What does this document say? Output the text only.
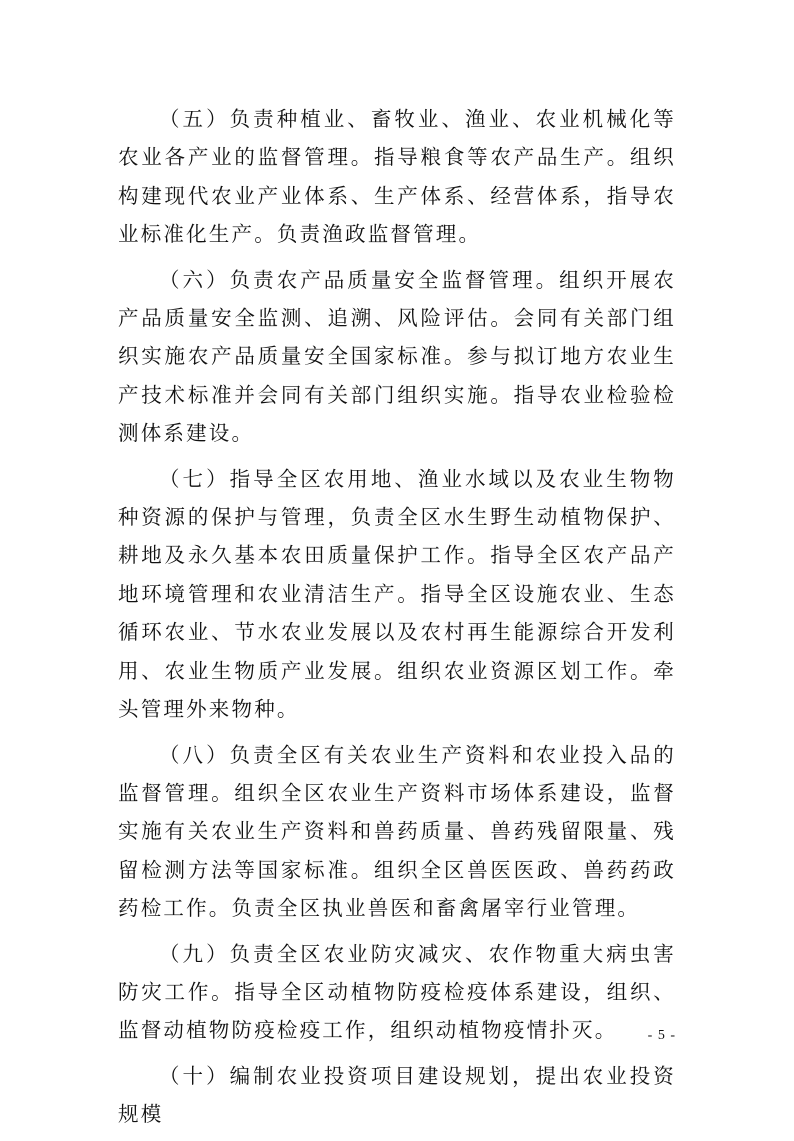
（五）负责种植业、畜牧业、渔业、农业机械化等农业各产业的监督管理。指导粮食等农产品生产。组织构建现代农业产业体系、生产体系、经营体系，指导农业标准化生产。负责渔政监督管理。

（六）负责农产品质量安全监督管理。组织开展农产品质量安全监测、追溯、风险评估。会同有关部门组织实施农产品质量安全国家标准。参与拟订地方农业生产技术标准并会同有关部门组织实施。指导农业检验检测体系建设。

（七）指导全区农用地、渔业水域以及农业生物物种资源的保护与管理，负责全区水生野生动植物保护、耕地及永久基本农田质量保护工作。指导全区农产品产地环境管理和农业清洁生产。指导全区设施农业、生态循环农业、节水农业发展以及农村再生能源综合开发利用、农业生物质产业发展。组织农业资源区划工作。牵头管理外来物种。

（八）负责全区有关农业生产资料和农业投入品的监督管理。组织全区农业生产资料市场体系建设，监督实施有关农业生产资料和兽药质量、兽药残留限量、残留检测方法等国家标准。组织全区兽医医政、兽药药政药检工作。负责全区执业兽医和畜禽屠宰行业管理。

（九）负责全区农业防灾减灾、农作物重大病虫害防灾工作。指导全区动植物防疫检疫体系建设，组织、监督动植物防疫检疫工作，组织动植物疫情扑灭。

（十）编制农业投资项目建设规划，提出农业投资规模

- 5 -
